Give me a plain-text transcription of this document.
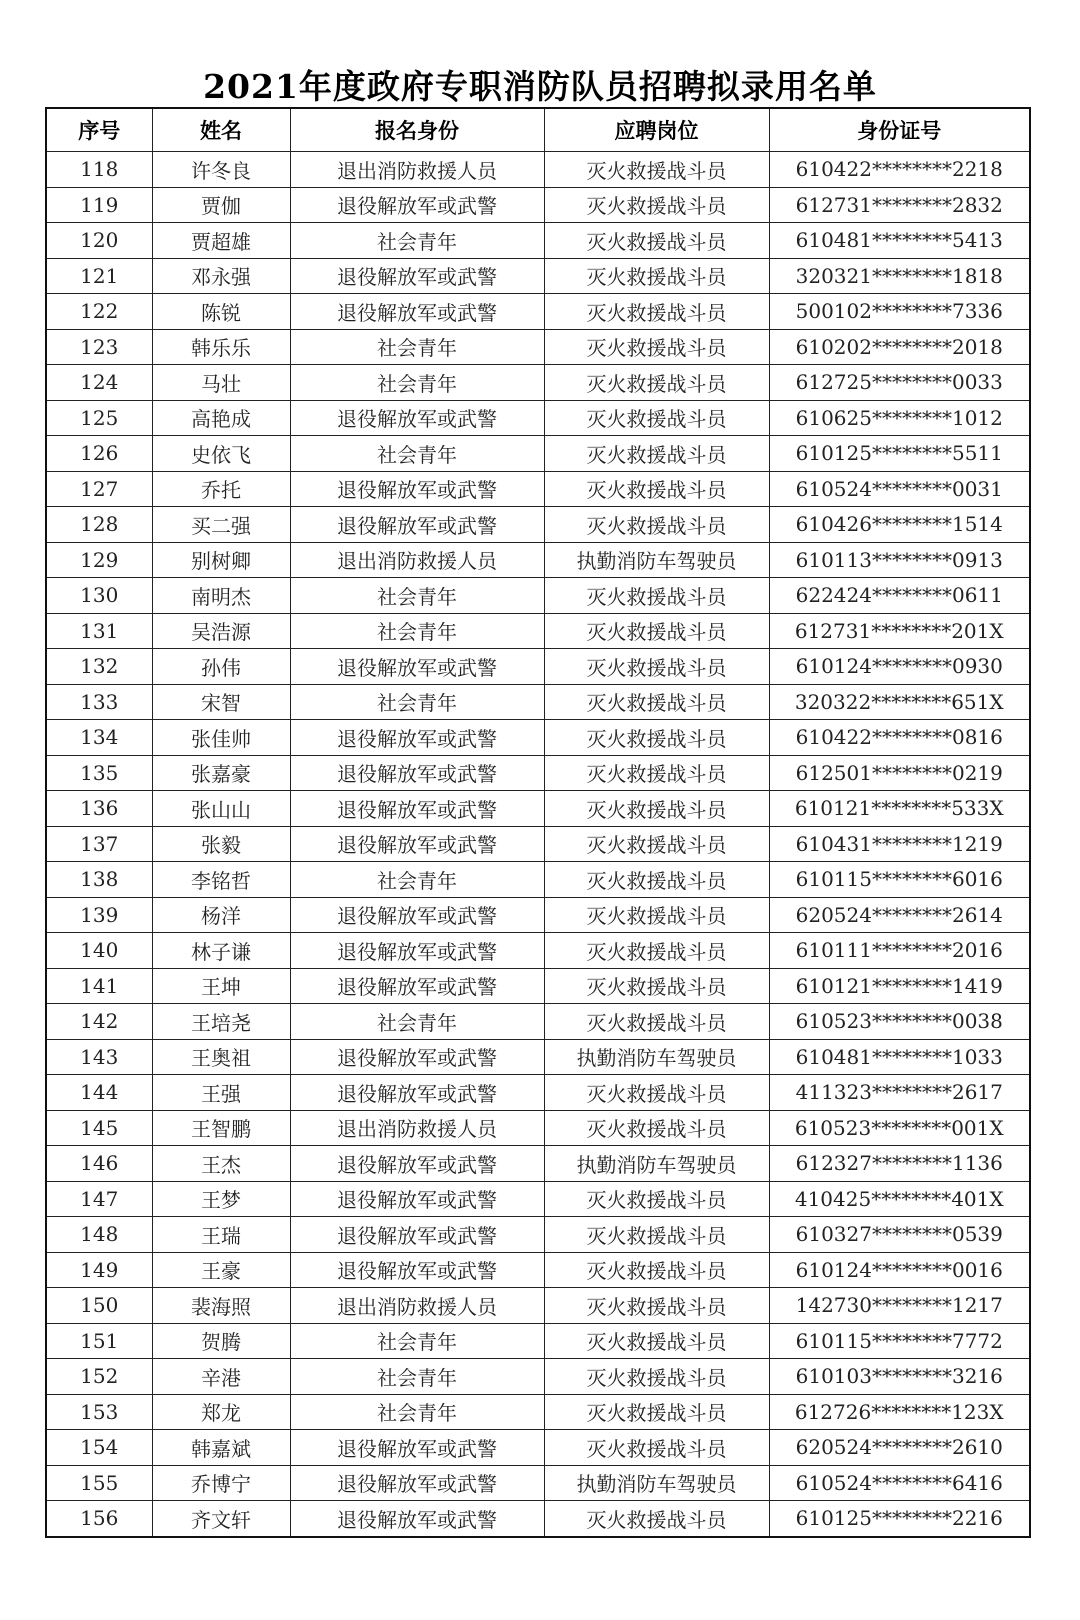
2021年度政府专职消防队员招聘拟录用名单
序号	姓名	报名身份	应聘岗位	身份证号
118	许冬良	退出消防救援人员	灭火救援战斗员	610422********2218
119	贾伽	退役解放军或武警	灭火救援战斗员	612731********2832
120	贾超雄	社会青年	灭火救援战斗员	610481********5413
121	邓永强	退役解放军或武警	灭火救援战斗员	320321********1818
122	陈锐	退役解放军或武警	灭火救援战斗员	500102********7336
123	韩乐乐	社会青年	灭火救援战斗员	610202********2018
124	马壮	社会青年	灭火救援战斗员	612725********0033
125	高艳成	退役解放军或武警	灭火救援战斗员	610625********1012
126	史依飞	社会青年	灭火救援战斗员	610125********5511
127	乔托	退役解放军或武警	灭火救援战斗员	610524********0031
128	买二强	退役解放军或武警	灭火救援战斗员	610426********1514
129	别树卿	退出消防救援人员	执勤消防车驾驶员	610113********0913
130	南明杰	社会青年	灭火救援战斗员	622424********0611
131	吴浩源	社会青年	灭火救援战斗员	612731********201X
132	孙伟	退役解放军或武警	灭火救援战斗员	610124********0930
133	宋智	社会青年	灭火救援战斗员	320322********651X
134	张佳帅	退役解放军或武警	灭火救援战斗员	610422********0816
135	张嘉豪	退役解放军或武警	灭火救援战斗员	612501********0219
136	张山山	退役解放军或武警	灭火救援战斗员	610121********533X
137	张毅	退役解放军或武警	灭火救援战斗员	610431********1219
138	李铭哲	社会青年	灭火救援战斗员	610115********6016
139	杨洋	退役解放军或武警	灭火救援战斗员	620524********2614
140	林子谦	退役解放军或武警	灭火救援战斗员	610111********2016
141	王坤	退役解放军或武警	灭火救援战斗员	610121********1419
142	王培尧	社会青年	灭火救援战斗员	610523********0038
143	王奥祖	退役解放军或武警	执勤消防车驾驶员	610481********1033
144	王强	退役解放军或武警	灭火救援战斗员	411323********2617
145	王智鹏	退出消防救援人员	灭火救援战斗员	610523********001X
146	王杰	退役解放军或武警	执勤消防车驾驶员	612327********1136
147	王梦	退役解放军或武警	灭火救援战斗员	410425********401X
148	王瑞	退役解放军或武警	灭火救援战斗员	610327********0539
149	王豪	退役解放军或武警	灭火救援战斗员	610124********0016
150	裴海照	退出消防救援人员	灭火救援战斗员	142730********1217
151	贺腾	社会青年	灭火救援战斗员	610115********7772
152	辛港	社会青年	灭火救援战斗员	610103********3216
153	郑龙	社会青年	灭火救援战斗员	612726********123X
154	韩嘉斌	退役解放军或武警	灭火救援战斗员	620524********2610
155	乔博宁	退役解放军或武警	执勤消防车驾驶员	610524********6416
156	齐文轩	退役解放军或武警	灭火救援战斗员	610125********2216
